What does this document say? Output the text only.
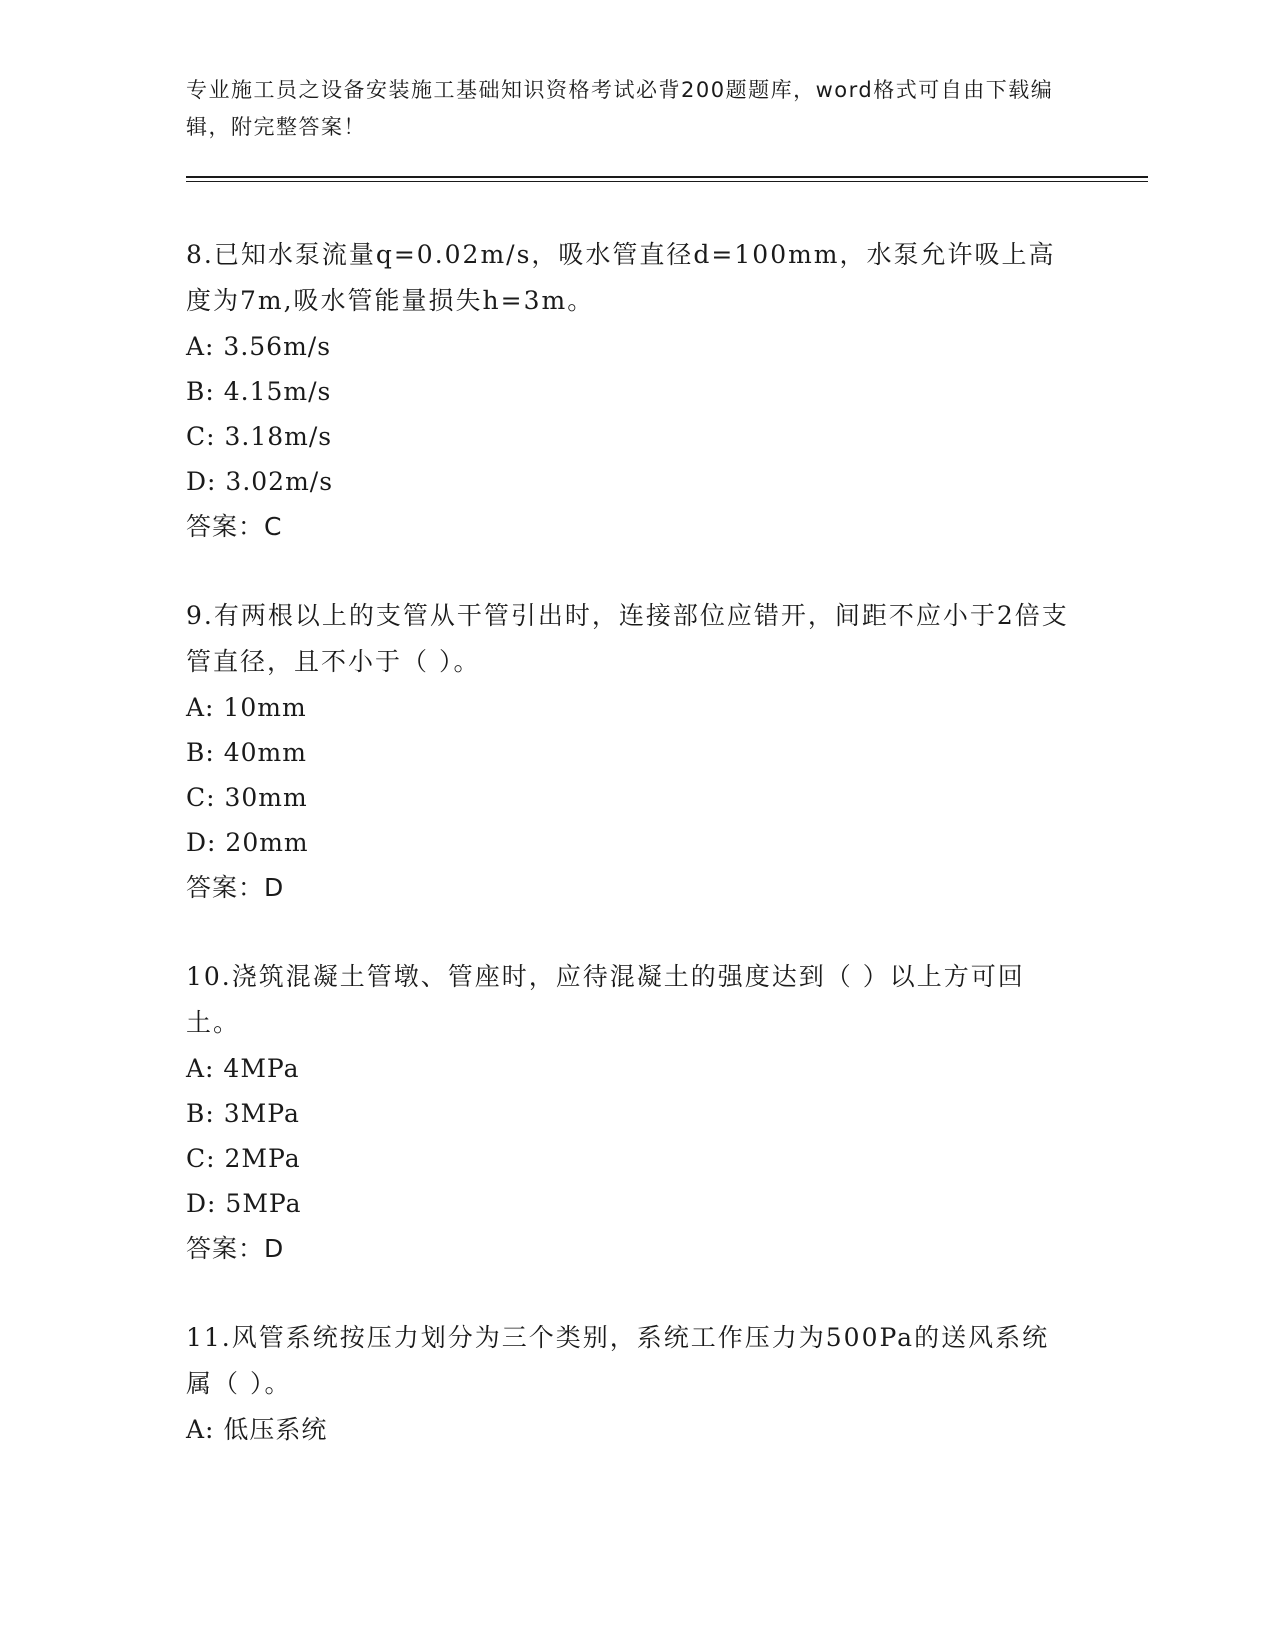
专业施工员之设备安装施工基础知识资格考试必背200题题库，word格式可自由下载编辑，附完整答案！

8.已知水泵流量q=0.02m/s，吸水管直径d=100mm，水泵允许吸上高度为7m,吸水管能量损失h=3m。

A: 3.56m/s

B: 4.15m/s

C: 3.18m/s

D: 3.02m/s

答案：C

9.有两根以上的支管从干管引出时，连接部位应错开，间距不应小于2倍支管直径，且不小于（ ）。

A: 10mm

B: 40mm

C: 30mm

D: 20mm

答案：D

10.浇筑混凝土管墩、管座时，应待混凝土的强度达到（ ）以上方可回土。

A: 4MPa

B: 3MPa

C: 2MPa

D: 5MPa

答案：D

11.风管系统按压力划分为三个类别，系统工作压力为500Pa的送风系统属（ ）。

A: 低压系统
